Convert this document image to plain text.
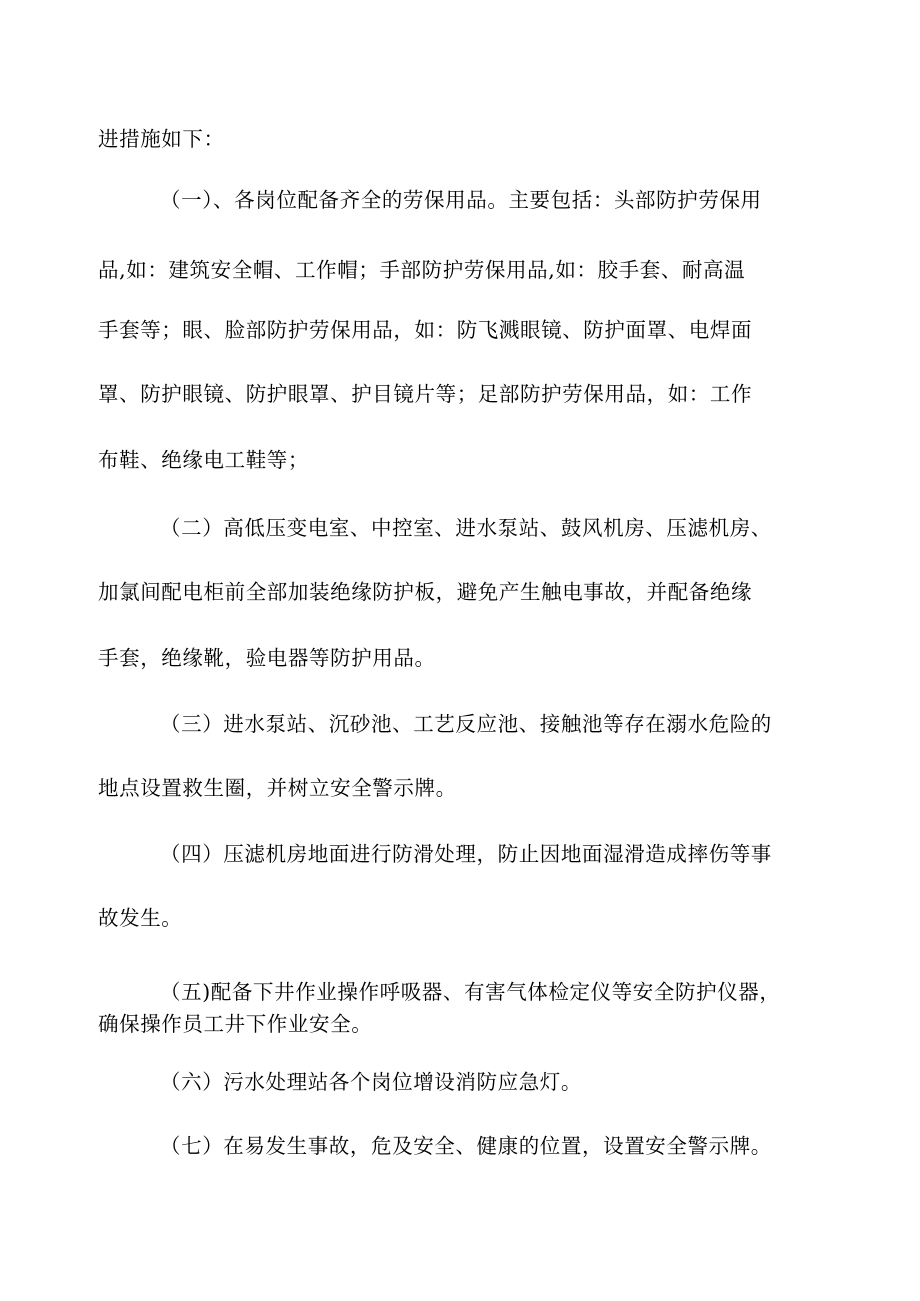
进措施如下：
（一）、各岗位配备齐全的劳保用品。主要包括：头部防护劳保用
品,如：建筑安全帽、工作帽；手部防护劳保用品,如：胶手套、耐高温
手套等；眼、脸部防护劳保用品，如：防飞溅眼镜、防护面罩、电焊面
罩、防护眼镜、防护眼罩、护目镜片等；足部防护劳保用品，如：工作
布鞋、绝缘电工鞋等；
（二）高低压变电室、中控室、进水泵站、鼓风机房、压滤机房、
加氯间配电柜前全部加装绝缘防护板，避免产生触电事故，并配备绝缘
手套，绝缘靴，验电器等防护用品。
（三）进水泵站、沉砂池、工艺反应池、接触池等存在溺水危险的
地点设置救生圈，并树立安全警示牌。
（四）压滤机房地面进行防滑处理，防止因地面湿滑造成摔伤等事
故发生。
（五)配备下井作业操作呼吸器、有害气体检定仪等安全防护仪器，
确保操作员工井下作业安全。
（六）污水处理站各个岗位增设消防应急灯。
（七）在易发生事故，危及安全、健康的位置，设置安全警示牌。
